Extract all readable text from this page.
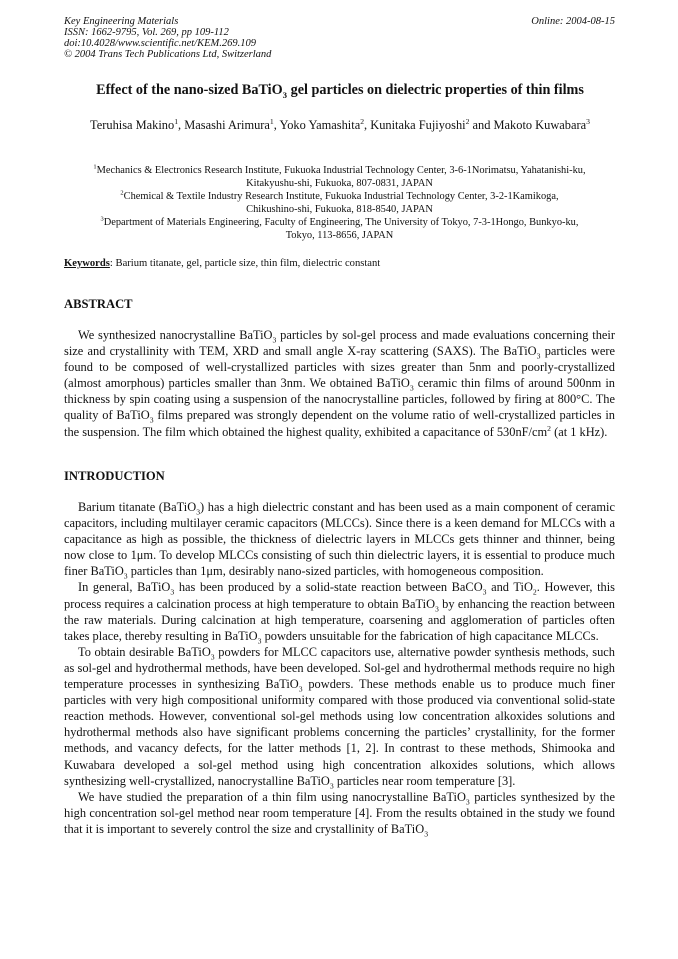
Key Engineering Materials
ISSN: 1662-9795, Vol. 269, pp 109-112
doi:10.4028/www.scientific.net/KEM.269.109
© 2004 Trans Tech Publications Ltd, Switzerland
Online: 2004-08-15
Effect of the nano-sized BaTiO$_3$ gel particles on dielectric properties of thin films
Teruhisa Makino$^1$, Masashi Arimura$^1$, Yoko Yamashita$^2$, Kunitaka Fujiyoshi$^2$ and Makoto Kuwabara$^3$

$^1$Mechanics & Electronics Research Institute, Fukuoka Industrial Technology Center, 3-6-1Norimatsu, Yahatanishi-ku,
Kitakyushu-shi, Fukuoka, 807-0831, JAPAN

$^2$Chemical & Textile Industry Research Institute, Fukuoka Industrial Technology Center, 3-2-1Kamikoga,
Chikushino-shi, Fukuoka, 818-8540, JAPAN

$^3$Department of Materials Engineering, Faculty of Engineering, The University of Tokyo, 7-3-1Hongo, Bunkyo-ku,
Tokyo, 113-8656, JAPAN

Keywords: Barium titanate, gel, particle size, thin film, dielectric constant
ABSTRACT

We synthesized nanocrystalline BaTiO$_3$ particles by sol-gel process and made evaluations concerning their size and crystallinity with TEM, XRD and small angle X-ray scattering (SAXS). The BaTiO$_3$ particles were found to be composed of well-crystallized particles with sizes greater than 5nm and poorly-crystallized (almost amorphous) particles smaller than 3nm. We obtained BaTiO$_3$ ceramic thin films of around 500nm in thickness by spin coating using a suspension of the nanocrystalline particles, followed by firing at 800°C. The quality of BaTiO$_3$ films prepared was strongly dependent on the volume ratio of well-crystallized particles in the suspension. The film which obtained the highest quality, exhibited a capacitance of $530nF/cm^2$ (at 1 kHz).

INTRODUCTION

Barium titanate (BaTiO$_3$) has a high dielectric constant and has been used as a main component of ceramic capacitors, including multilayer ceramic capacitors (MLCCs). Since there is a keen demand for MLCCs with a capacitance as high as possible, the thickness of dielectric layers in MLCCs gets thinner and thinner, being now close to 1μm. To develop MLCCs consisting of such thin dielectric layers, it is essential to produce much finer BaTiO$_3$ particles than 1μm, desirably nano-sized particles, with homogeneous composition.

In general, BaTiO$_3$ has been produced by a solid-state reaction between BaCO$_3$ and TiO$_2$. However, this process requires a calcination process at high temperature to obtain BaTiO$_3$ by enhancing the reaction between the raw materials. During calcination at high temperature, coarsening and agglomeration of particles often takes place, thereby resulting in BaTiO$_3$ powders unsuitable for the fabrication of high capacitance MLCCs.

To obtain desirable BaTiO$_3$ powders for MLCC capacitors use, alternative powder synthesis methods, such as sol-gel and hydrothermal methods, have been developed. Sol-gel and hydrothermal methods require no high temperature processes in synthesizing BaTiO$_3$ powders. These methods enable us to produce much finer particles with very high compositional uniformity compared with those produced via conventional solid-state reaction methods. However, conventional sol-gel methods using low concentration alkoxides solutions and hydrothermal methods also have significant problems concerning the particles’ crystallinity, for the former methods, and vacancy defects, for the latter methods [1, 2]. In contrast to these methods, Shimooka and Kuwabara developed a sol-gel method using high concentration alkoxides solutions, which allows synthesizing well-crystallized, nanocrystalline BaTiO$_3$ particles near room temperature [3].

We have studied the preparation of a thin film using nanocrystalline BaTiO$_3$ particles synthesized by the high concentration sol-gel method near room temperature [4]. From the results obtained in the study we found that it is important to severely control the size and crystallinity of BaTiO$_3$
